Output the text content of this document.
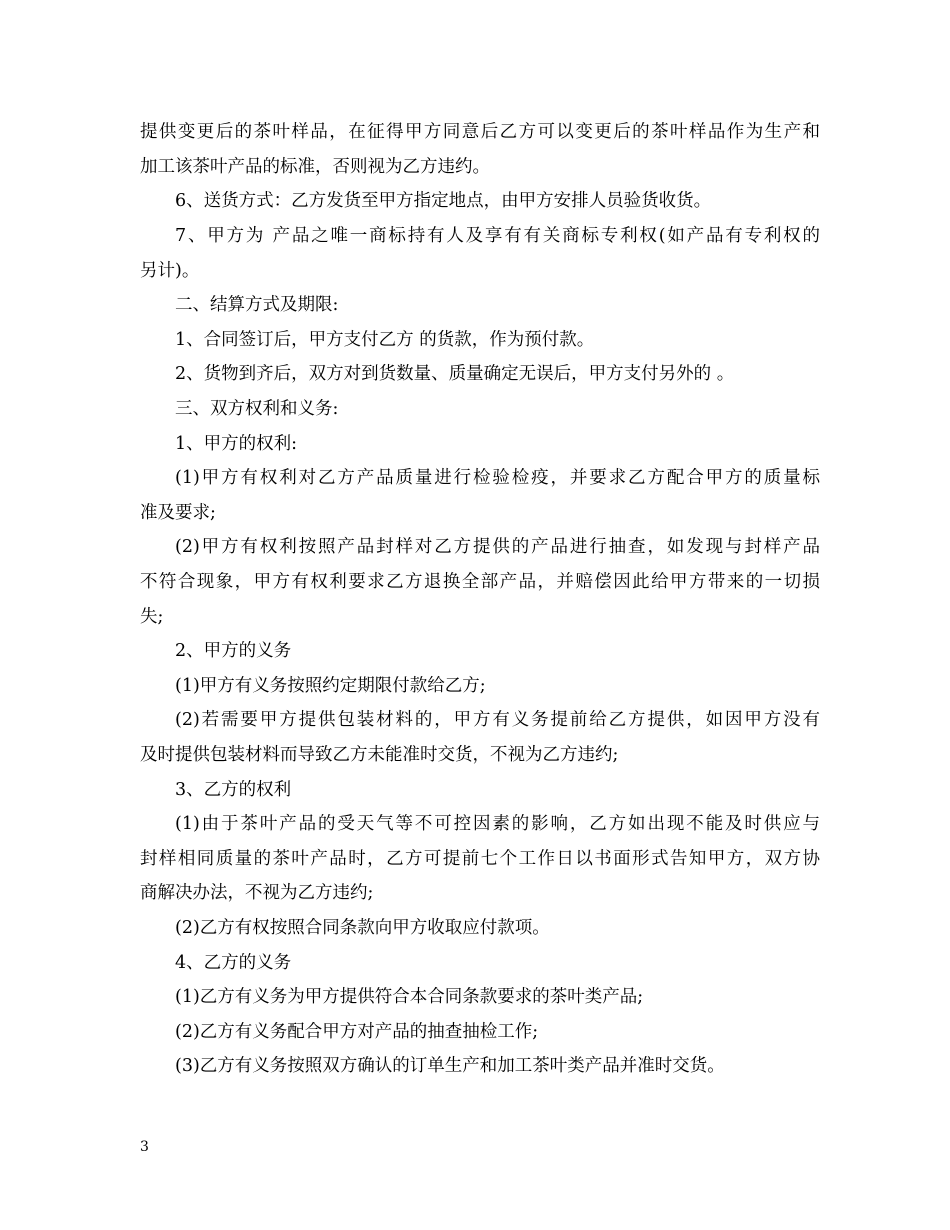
提供变更后的茶叶样品，在征得甲方同意后乙方可以变更后的茶叶样品作为生产和

加工该茶叶产品的标准，否则视为乙方违约。

6、送货方式：乙方发货至甲方指定地点，由甲方安排人员验货收货。

7、甲方为 产品之唯一商标持有人及享有有关商标专利权(如产品有专利权的

另计)。

二、结算方式及期限:

1、合同签订后，甲方支付乙方 的货款，作为预付款。

2、货物到齐后，双方对到货数量、质量确定无误后，甲方支付另外的 。

三、双方权利和义务:

1、甲方的权利:

(1)甲方有权利对乙方产品质量进行检验检疫，并要求乙方配合甲方的质量标

准及要求;

(2)甲方有权利按照产品封样对乙方提供的产品进行抽查，如发现与封样产品

不符合现象，甲方有权利要求乙方退换全部产品，并赔偿因此给甲方带来的一切损

失;

2、甲方的义务

(1)甲方有义务按照约定期限付款给乙方;

(2)若需要甲方提供包装材料的，甲方有义务提前给乙方提供，如因甲方没有

及时提供包装材料而导致乙方未能准时交货，不视为乙方违约;

3、乙方的权利

(1)由于茶叶产品的受天气等不可控因素的影响，乙方如出现不能及时供应与

封样相同质量的茶叶产品时，乙方可提前七个工作日以书面形式告知甲方，双方协

商解决办法，不视为乙方违约;

(2)乙方有权按照合同条款向甲方收取应付款项。

4、乙方的义务

(1)乙方有义务为甲方提供符合本合同条款要求的茶叶类产品;

(2)乙方有义务配合甲方对产品的抽查抽检工作;

(3)乙方有义务按照双方确认的订单生产和加工茶叶类产品并准时交货。

3
